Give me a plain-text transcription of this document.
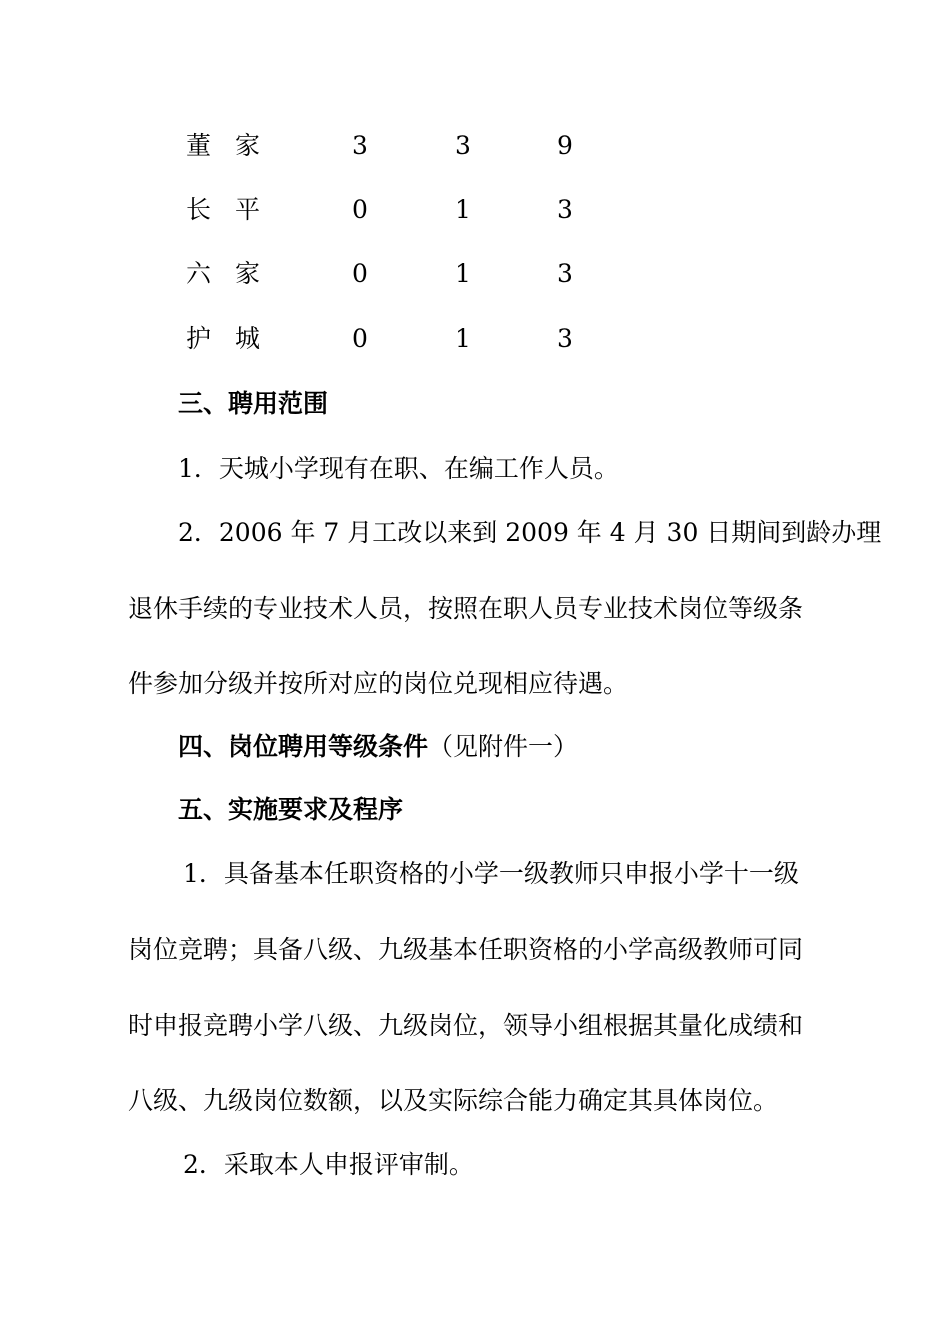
董家	3	3	9
长平	0	1	3
六家	0	1	3
护城	0	1	3
三、聘用范围
1．天城小学现有在职、在编工作人员。
2．2006 年 7 月工改以来到 2009 年 4 月 30 日期间到龄办理
退休手续的专业技术人员，按照在职人员专业技术岗位等级条
件参加分级并按所对应的岗位兑现相应待遇。
四、岗位聘用等级条件（见附件一）
五、实施要求及程序
1．具备基本任职资格的小学一级教师只申报小学十一级
岗位竞聘；具备八级、九级基本任职资格的小学高级教师可同
时申报竞聘小学八级、九级岗位，领导小组根据其量化成绩和
八级、九级岗位数额，以及实际综合能力确定其具体岗位。
2．采取本人申报评审制。
